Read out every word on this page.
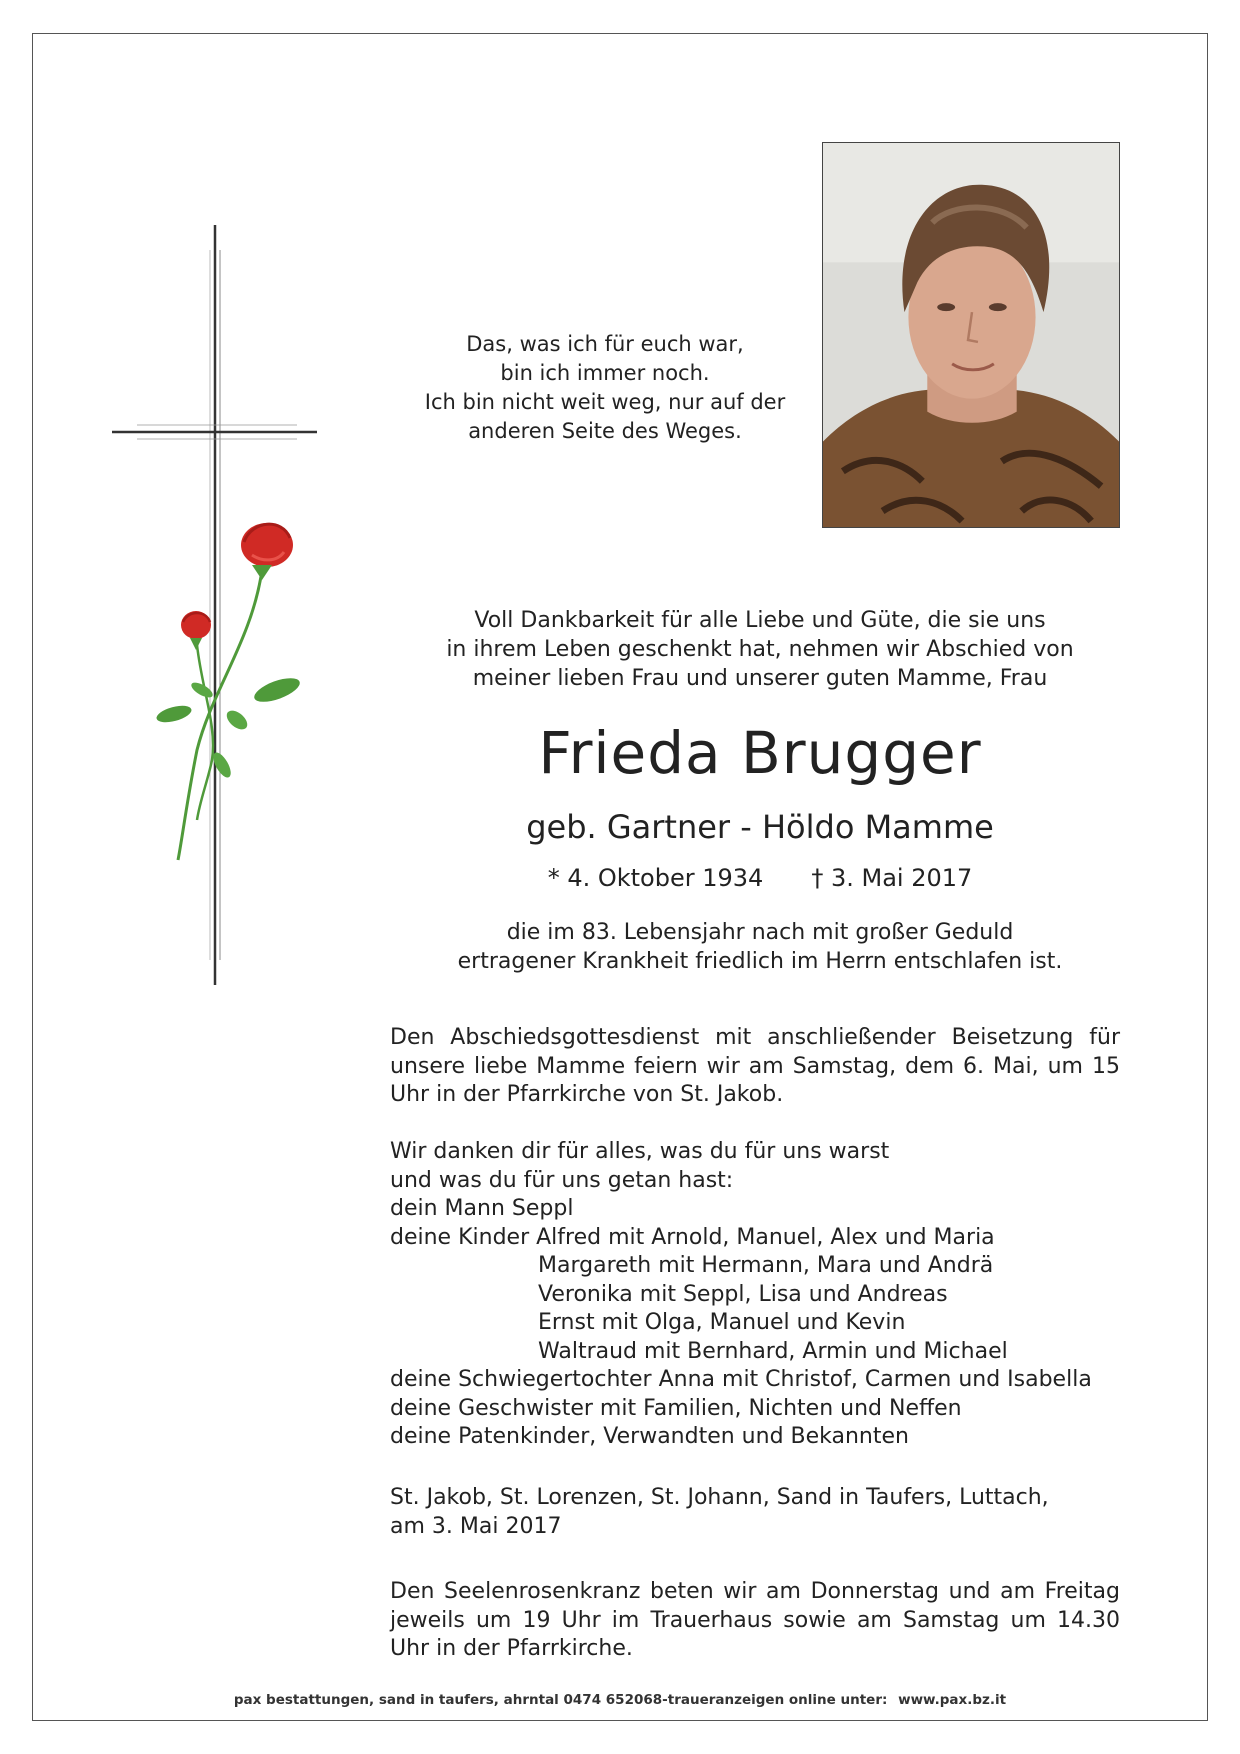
Das, was ich für euch war,
bin ich immer noch.
Ich bin nicht weit weg, nur auf der
anderen Seite des Weges.
Voll Dankbarkeit für alle Liebe und Güte, die sie uns
in ihrem Leben geschenkt hat, nehmen wir Abschied von
meiner lieben Frau und unserer guten Mamme, Frau
Frieda Brugger
geb. Gartner - Höldo Mamme
* 4. Oktober 1934 † 3. Mai 2017
die im 83. Lebensjahr nach mit großer Geduld
ertragener Krankheit friedlich im Herrn entschlafen ist.
Den Abschiedsgottesdienst mit anschließender Beisetzung für unsere liebe Mamme feiern wir am Samstag, dem 6. Mai, um 15 Uhr in der Pfarrkirche von St. Jakob.
Wir danken dir für alles, was du für uns warst
und was du für uns getan hast:
dein Mann Seppl
deine Kinder Alfred mit Arnold, Manuel, Alex und Maria
Margareth mit Hermann, Mara und Andrä
Veronika mit Seppl, Lisa und Andreas
Ernst mit Olga, Manuel und Kevin
Waltraud mit Bernhard, Armin und Michael
deine Schwiegertochter Anna mit Christof, Carmen und Isabella
deine Geschwister mit Familien, Nichten und Neffen
deine Patenkinder, Verwandten und Bekannten
St. Jakob, St. Lorenzen, St. Johann, Sand in Taufers, Luttach,
am 3. Mai 2017
Den Seelenrosenkranz beten wir am Donnerstag und am Freitag jeweils um 19 Uhr im Trauerhaus sowie am Samstag um 14.30 Uhr in der Pfarrkirche.
pax bestattungen, sand in taufers, ahrntal 0474 652068-traueranzeigen online unter: www.pax.bz.it
